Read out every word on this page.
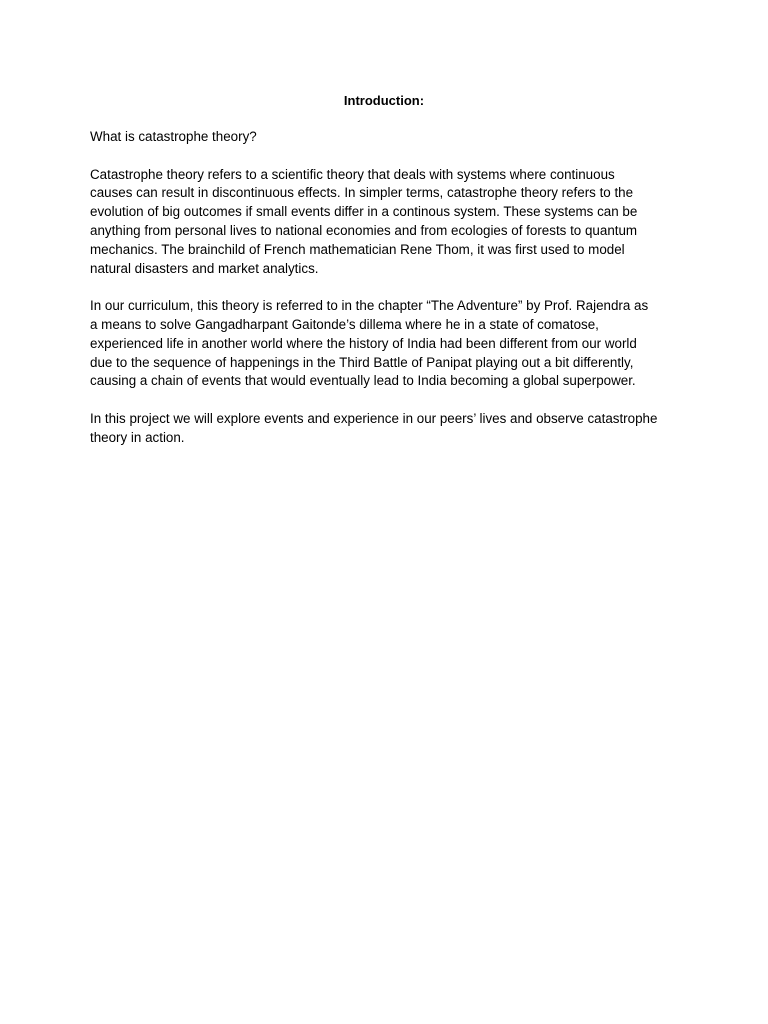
Introduction:

What is catastrophe theory?

Catastrophe theory refers to a scientific theory that deals with systems where continuous
causes can result in discontinuous effects. In simpler terms, catastrophe theory refers to the
evolution of big outcomes if small events differ in a continous system. These systems can be
anything from personal lives to national economies and from ecologies of forests to quantum
mechanics. The brainchild of French mathematician Rene Thom, it was first used to model
natural disasters and market analytics.

In our curriculum, this theory is referred to in the chapter “The Adventure” by Prof. Rajendra as
a means to solve Gangadharpant Gaitonde’s dillema where he in a state of comatose,
experienced life in another world where the history of India had been different from our world
due to the sequence of happenings in the Third Battle of Panipat playing out a bit differently,
causing a chain of events that would eventually lead to India becoming a global superpower.

In this project we will explore events and experience in our peers’ lives and observe catastrophe
theory in action.
